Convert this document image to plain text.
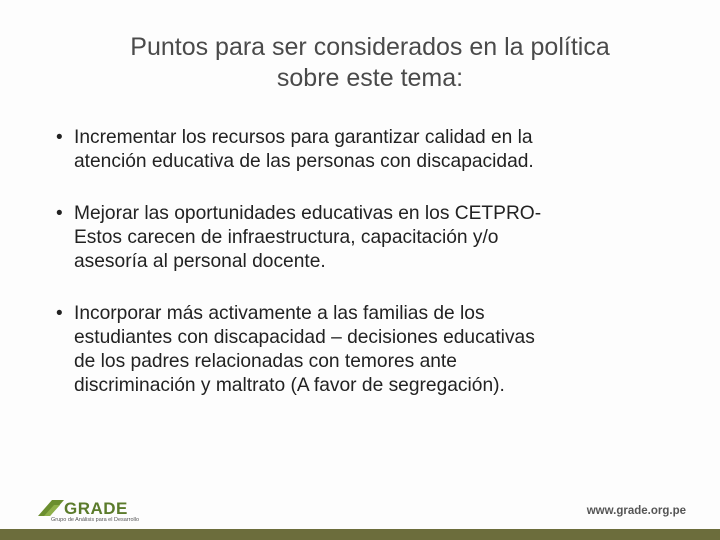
Puntos para ser considerados en la política
sobre este tema:
• Incrementar los recursos para garantizar calidad en la
atención educativa de las personas con discapacidad.
• Mejorar las oportunidades educativas en los CETPRO-
Estos carecen de infraestructura, capacitación y/o
asesoría al personal docente.
• Incorporar más activamente a las familias de los
estudiantes con discapacidad – decisiones educativas
de los padres relacionadas con temores ante
discriminación y maltrato (A favor de segregación).
GRADE
Grupo de Análisis para el Desarrollo
www.grade.org.pe
